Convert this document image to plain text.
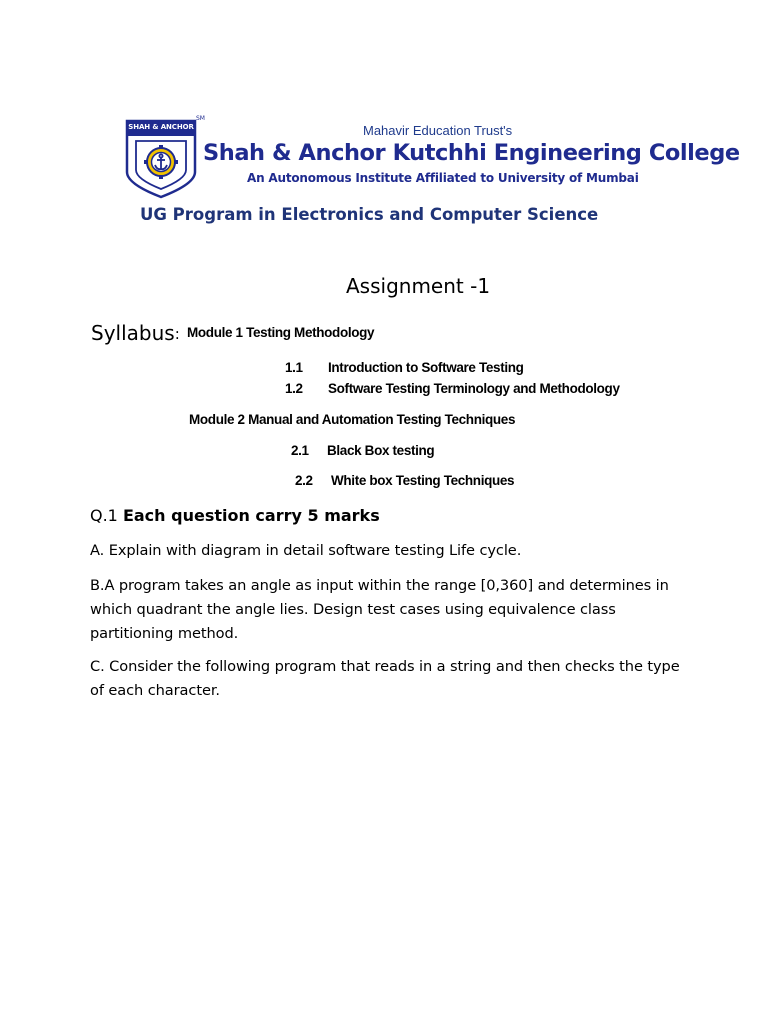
SHAH & ANCHOR
SM
Mahavir Education Trust's
Shah & Anchor Kutchhi Engineering College
An Autonomous Institute Affiliated to University of Mumbai
UG Program in Electronics and Computer Science
Assignment -1
Syllabus: Module 1 Testing Methodology
1.1 Introduction to Software Testing
1.2 Software Testing Terminology and Methodology
Module 2 Manual and Automation Testing Techniques
2.1 Black Box testing
2.2 White box Testing Techniques
Q.1 Each question carry 5 marks
A. Explain with diagram in detail software testing Life cycle.
B.A program takes an angle as input within the range [0,360] and determines in
which quadrant the angle lies. Design test cases using equivalence class
partitioning method.
C. Consider the following program that reads in a string and then checks the type
of each character.
